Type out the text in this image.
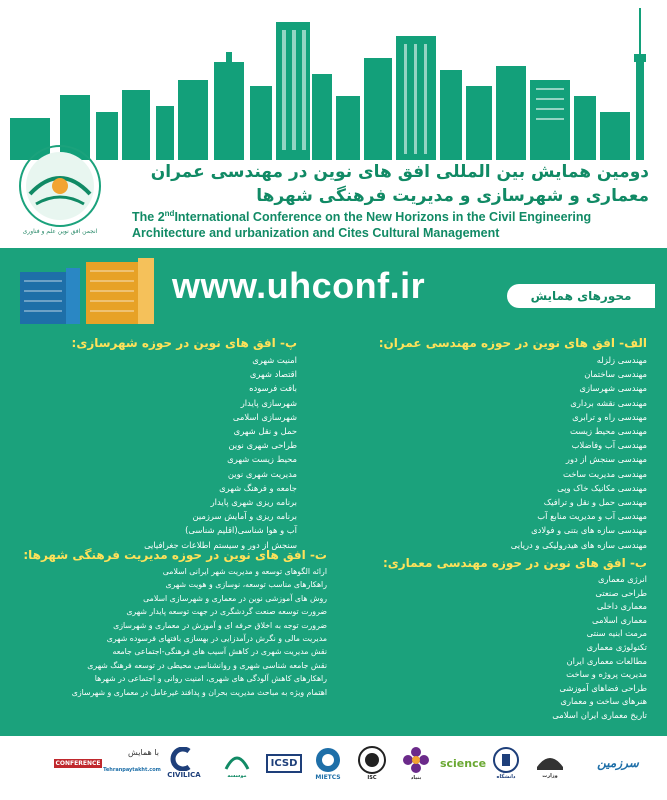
انجمن افق نوین علم و فناوری
دومین همایش بین المللی افق های نوین در مهندسی عمران
معماری و شهرسازی و مدیریت فرهنگی شهرها
The 2ndInternational Conference on the New Horizons in the Civil Engineering
Architecture and urbanization and Cites Cultural Management
www.uhconf.ir	محورهای همایش
الف- افق های نوین در حوزه مهندسی عمران:
مهندسی زلزله
مهندسی ساختمان
مهندسی شهرسازی
مهندسی نقشه برداری
مهندسی راه و ترابری
مهندسی محیط زیست
مهندسی آب وفاضلاب
مهندسی سنجش از دور
مهندسی مدیریت ساخت
مهندسی مکانیک خاک وپی
مهندسی حمل و نقل و ترافیک
مهندسی آب و مدیریت منابع آب
مهندسی سازه های بتنی و فولادی
مهندسی سازه های هیدرولیکی و دریایی
پ- افق های نوین در حوزه شهرسازی:
امنیت شهری
اقتصاد شهری
بافت فرسوده
شهرسازی پایدار
شهرسازی اسلامی
حمل و نقل شهری
طراحی شهری نوین
محیط زیست شهری
مدیریت شهری نوین
جامعه و فرهنگ شهری
برنامه ریزی شهری پایدار
برنامه ریزی و آمایش سرزمین
آب و هوا شناسی(اقلیم شناسی)
سنجش از دور و سیستم اطلاعات جغرافیایی
ب- افق های نوین در حوزه مهندسی معماری:
انرژی معماری
طراحی صنعتی
معماری داخلی
معماری اسلامی
مرمت ابنیه سنتی
تکنولوژی معماری
مطالعات معماری ایران
مدیریت پروژه و ساخت
طراحی فضاهای آموزشی
هنرهای ساخت و معماری
تاریخ معماری ایران اسلامی
ت- افق های نوین در حوزه مدیریت فرهنگی شهرها:
ارائه الگوهای توسعه و مدیریت شهر ایرانی اسلامی
راهکارهای مناسب توسعه، نوسازی و هویت شهری
روش های آموزشی نوین در معماری و شهرسازی اسلامی
ضرورت توسعه صنعت گردشگری در جهت توسعه پایدار شهری
ضرورت توجه به اخلاق حرفه ای و آموزش در معماری و شهرسازی
مدیریت مالی و نگرش درآمدزایی در بهسازی بافتهای فرسوده شهری
نقش مدیریت شهری در کاهش آسیب های فرهنگی-اجتماعی جامعه
نقش جامعه شناسی شهری و روانشناسی محیطی در توسعه فرهنگ شهری
راهکارهای کاهش آلودگی های شهری، امنیت روانی و اجتماعی در شهرها
اهتمام ویژه به مباحث مدیریت بحران و پدافند غیرعامل در معماری و شهرسازی
سرزمین
وزارت
دانشگاه
science
بنیاد
ISC
MIETCS
ICSD
موسسه
CIVILICA
با همایش
Tehranpaytakht.com
CONFERENCE
